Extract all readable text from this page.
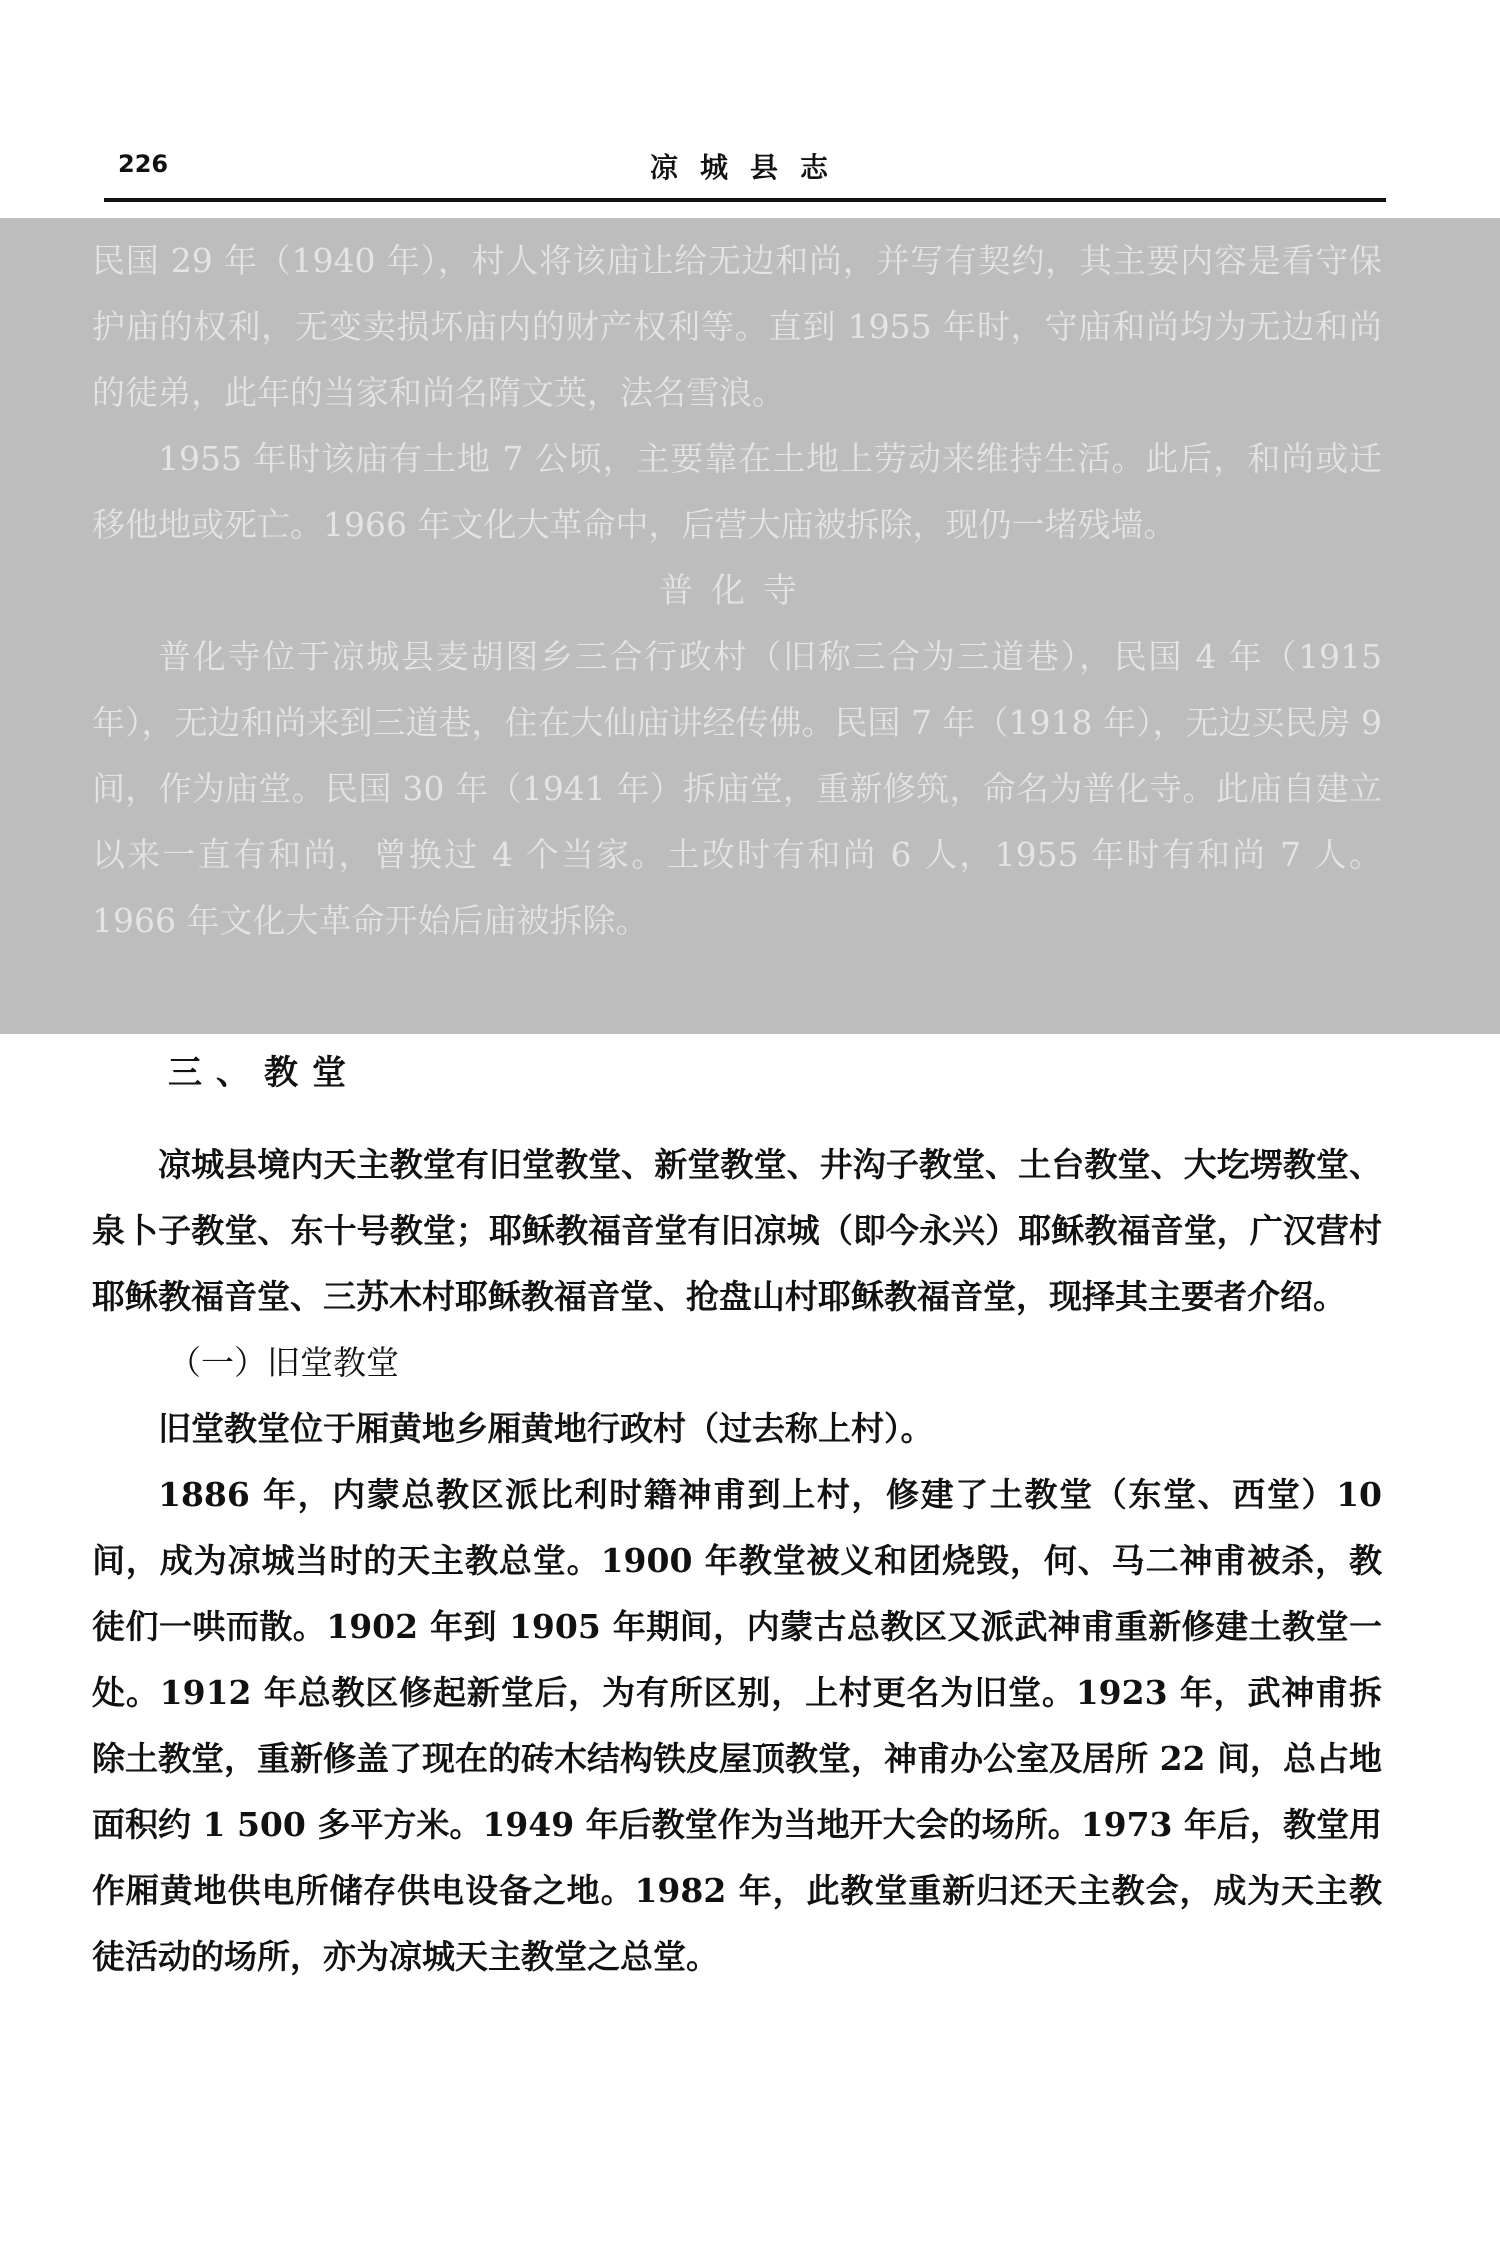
226	凉城县志

民国 29 年（1940 年），村人将该庙让给无边和尚，并写有契约，其主要内容是看守保护庙的权利，无变卖损坏庙内的财产权利等。直到 1955 年时，守庙和尚均为无边和尚的徒弟，此年的当家和尚名隋文英，法名雪浪。

1955 年时该庙有土地 7 公顷，主要靠在土地上劳动来维持生活。此后，和尚或迁移他地或死亡。1966 年文化大革命中，后营大庙被拆除，现仍一堵残墙。

普化寺

普化寺位于凉城县麦胡图乡三合行政村（旧称三合为三道巷），民国 4 年（1915 年），无边和尚来到三道巷，住在大仙庙讲经传佛。民国 7 年（1918 年），无边买民房 9 间，作为庙堂。民国 30 年（1941 年）拆庙堂，重新修筑，命名为普化寺。此庙自建立以来一直有和尚，曾换过 4 个当家。土改时有和尚 6 人，1955 年时有和尚 7 人。1966 年文化大革命开始后庙被拆除。

三、教堂

凉城县境内天主教堂有旧堂教堂、新堂教堂、井沟子教堂、土台教堂、大圪塄教堂、泉卜子教堂、东十号教堂；耶稣教福音堂有旧凉城（即今永兴）耶稣教福音堂，广汉营村耶稣教福音堂、三苏木村耶稣教福音堂、抢盘山村耶稣教福音堂，现择其主要者介绍。

（一）旧堂教堂

旧堂教堂位于厢黄地乡厢黄地行政村（过去称上村）。

1886 年，内蒙总教区派比利时籍神甫到上村，修建了土教堂（东堂、西堂）10 间，成为凉城当时的天主教总堂。1900 年教堂被义和团烧毁，何、马二神甫被杀，教徒们一哄而散。1902 年到 1905 年期间，内蒙古总教区又派武神甫重新修建土教堂一处。1912 年总教区修起新堂后，为有所区别，上村更名为旧堂。1923 年，武神甫拆除土教堂，重新修盖了现在的砖木结构铁皮屋顶教堂，神甫办公室及居所 22 间，总占地面积约 1 500 多平方米。1949 年后教堂作为当地开大会的场所。1973 年后，教堂用作厢黄地供电所储存供电设备之地。1982 年，此教堂重新归还天主教会，成为天主教徒活动的场所，亦为凉城天主教堂之总堂。
